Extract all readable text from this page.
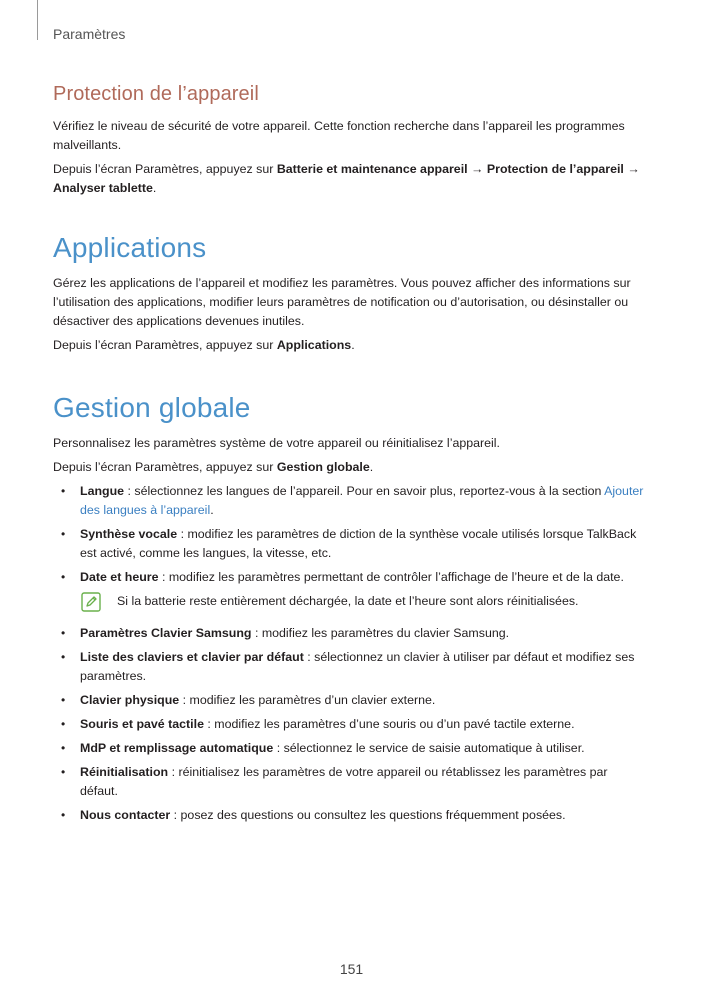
Paramètres
Protection de l’appareil

Vérifiez le niveau de sécurité de votre appareil. Cette fonction recherche dans l’appareil les programmes malveillants.

Depuis l’écran Paramètres, appuyez sur Batterie et maintenance appareil → Protection de l’appareil → Analyser tablette.

Applications

Gérez les applications de l’appareil et modifiez les paramètres. Vous pouvez afficher des informations sur l’utilisation des applications, modifier leurs paramètres de notification ou d’autorisation, ou désinstaller ou désactiver des applications devenues inutiles.

Depuis l’écran Paramètres, appuyez sur Applications.

Gestion globale

Personnalisez les paramètres système de votre appareil ou réinitialisez l’appareil.

Depuis l’écran Paramètres, appuyez sur Gestion globale.

• Langue : sélectionnez les langues de l’appareil. Pour en savoir plus, reportez-vous à la section Ajouter des langues à l’appareil.
• Synthèse vocale : modifiez les paramètres de diction de la synthèse vocale utilisés lorsque TalkBack est activé, comme les langues, la vitesse, etc.
• Date et heure : modifiez les paramètres permettant de contrôler l’affichage de l’heure et de la date.
Si la batterie reste entièrement déchargée, la date et l’heure sont alors réinitialisées.
• Paramètres Clavier Samsung : modifiez les paramètres du clavier Samsung.
• Liste des claviers et clavier par défaut : sélectionnez un clavier à utiliser par défaut et modifiez ses paramètres.
• Clavier physique : modifiez les paramètres d’un clavier externe.
• Souris et pavé tactile : modifiez les paramètres d’une souris ou d’un pavé tactile externe.
• MdP et remplissage automatique : sélectionnez le service de saisie automatique à utiliser.
• Réinitialisation : réinitialisez les paramètres de votre appareil ou rétablissez les paramètres par défaut.
• Nous contacter : posez des questions ou consultez les questions fréquemment posées.
151
